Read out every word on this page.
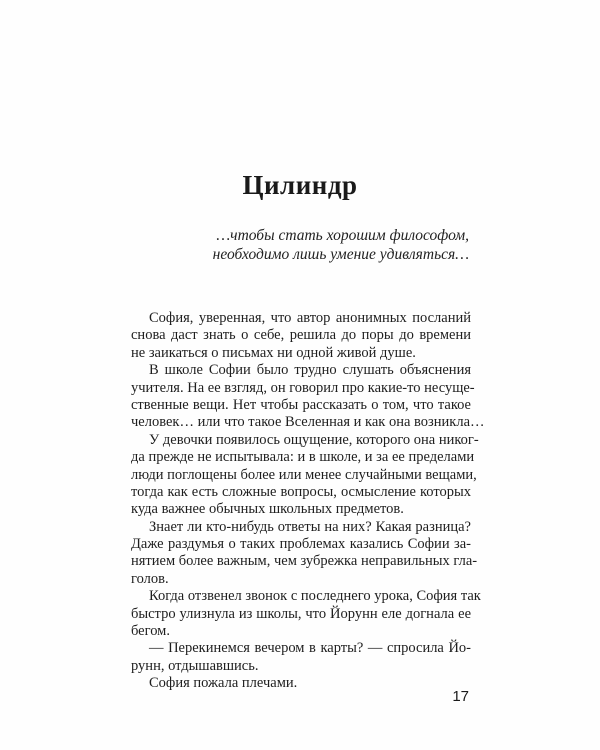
Цилиндр
…чтобы стать хорошим философом,
необходимо лишь умение удивляться…
София, уверенная, что автор анонимных посланий
снова даст знать о себе, решила до поры до времени
не заикаться о письмах ни одной живой душе.
В школе Софии было трудно слушать объяснения
учителя. На ее взгляд, он говорил про какие-то несуще-
ственные вещи. Нет чтобы рассказать о том, что такое
человек… или что такое Вселенная и как она возникла…
У девочки появилось ощущение, которого она никог-
да прежде не испытывала: и в школе, и за ее пределами
люди поглощены более или менее случайными вещами,
тогда как есть сложные вопросы, осмысление которых
куда важнее обычных школьных предметов.
Знает ли кто-нибудь ответы на них? Какая разница?
Даже раздумья о таких проблемах казались Софии за-
нятием более важным, чем зубрежка неправильных гла-
голов.
Когда отзвенел звонок с последнего урока, София так
быстро улизнула из школы, что Йорунн еле догнала ее
бегом.
— Перекинемся вечером в карты? — спросила Йо-
рунн, отдышавшись.
София пожала плечами.
17
